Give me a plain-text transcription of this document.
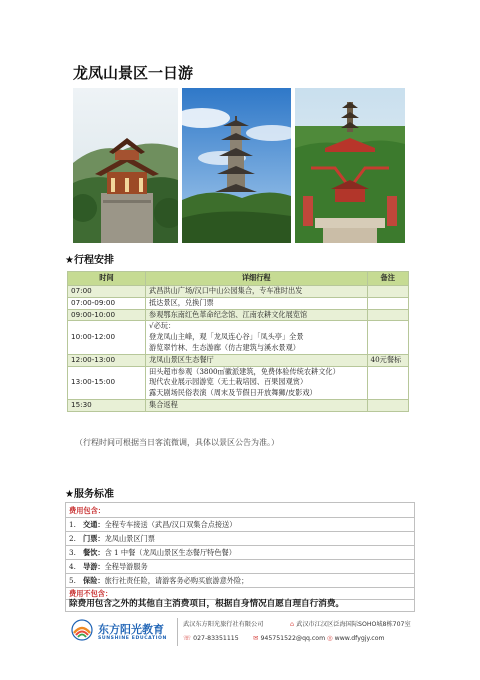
龙凤山景区一日游
★行程安排
时间	详细行程	备注
07:00	武昌洪山广场/汉口中山公园集合，专车准时出发	

07:00-09:00	抵达景区，兑换门票	

09:00-10:00	参观鄂东南红色革命纪念馆、江南农耕文化展览馆	

10:00-12:00	√必玩：
登龙凤山主峰，观「龙凤连心谷」「凤头亭」全景
游览翠竹林、生态游廊（仿古建筑与溪水景观）	

12:00-13:00	龙凤山景区生态餐厅	40元餐标
13:00-15:00	田头超市参观（3800㎡徽派建筑，免费体验传统农耕文化）
现代农业展示园游览（无土栽培园、百果园观赏）
露天剧场民俗表演（周末及节假日开放舞狮/皮影戏）	

15:30	集合返程	

（行程时间可根据当日客流微调，具体以景区公告为准。）
★服务标准
费用包含：
1. 交通：全程专车接送（武昌/汉口双集合点接送）
2. 门票：龙凤山景区门票
3. 餐饮：含 1 中餐（龙凤山景区生态餐厅特色餐）
4. 导游：全程导游服务
5. 保险：旅行社责任险，请游客务必购买旅游意外险；
费用不包含：
除费用包含之外的其他自主消费项目，根据自身情况自愿自理自行消费。
东方阳光教育
SUNSHINE EDUCATION
武汉东方阳光旅行社有限公司	⌂ 武汉市江汉区泛海国际SOHO城8栋707室
☏ 027-83351115 ✉ 945751522@qq.com ◎ www.dfygjy.com
